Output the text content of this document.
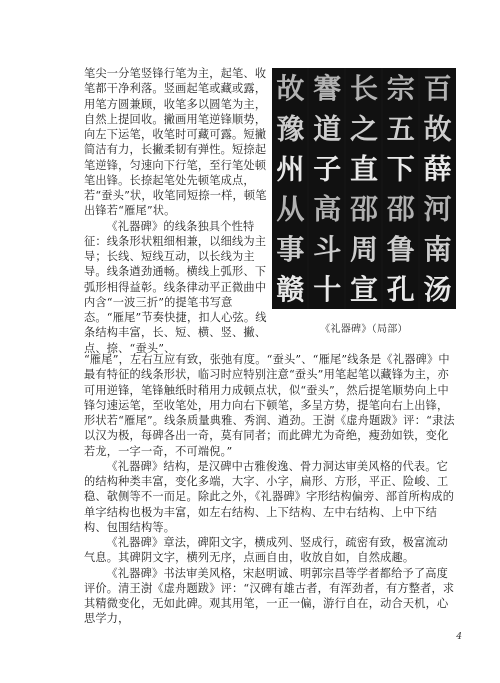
笔尖一分笔竖锋行笔为主，起笔、收笔都干净利落。竖画起笔或藏或露，用笔方圆兼顾，收笔多以圆笔为主，自然上提回收。撇画用笔逆锋顺势，向左下运笔，收笔时可藏可露。短撇简洁有力，长撇柔韧有弹性。短捺起笔逆锋，匀速向下行笔，至行笔处顿笔出锋。长捺起笔处先顿笔成点，若“蚕头”状，收笔同短捺一样，顿笔出锋若“雁尾”状。

《礼器碑》的线条独具个性特征：线条形状粗细相兼，以细线为主导；长线、短线互动，以长线为主导。线条遒劲通畅。横线上弧形、下弧形相得益彰。线条律动平正微曲中内含“一波三折”的提笔书写意态。“雁尾”节奏快捷，扣人心弦。线条结构丰富，长、短、横、竖、撇、点、捺、“蚕头”、

百
故
薛
河
南
汤
宗
五
下
邵
鲁
孔
长
之
直
邵
周
宣
謇
道
子
高
斗
十
故
豫
州
从
事
赣
《礼器碑》（局部）

“雁尾”，左右互应有致，张弛有度。“蚕头”、“雁尾”线条是《礼器碑》中最有特征的线条形状，临习时应特别注意“蚕头”用笔起笔以藏锋为主，亦可用逆锋，笔锋触纸时稍用力成顿点状，似“蚕头”，然后提笔顺势向上中锋匀速运笔，至收笔处，用力向右下顿笔，多呈方势，提笔向右上出锋，形状若“雁尾”。线条质量典雅、秀润、遒劲。王澍《虚舟题跋》评：“隶法以汉为极，每碑各出一奇，莫有同者；而此碑尤为奇绝，瘦劲如铁，变化若龙，一字一奇，不可端倪。”

《礼器碑》结构，是汉碑中古雅俊逸、骨力洞达审美风格的代表。它的结构种类丰富，变化多端，大字、小字，扁形、方形，平正、险峻、工稳、欹侧等不一而足。除此之外，《礼器碑》字形结构偏旁、部首所构成的单字结构也极为丰富，如左右结构、上下结构、左中右结构、上中下结构、包围结构等。

《礼器碑》章法，碑阳文字，横成列、竖成行，疏密有致，极富流动气息。其碑阴文字，横列无序，点画自由，收放自如，自然成趣。

《礼器碑》书法审美风格，宋赵明诚、明郭宗昌等学者都给予了高度评价。清王澍《虚舟题跋》评：“汉碑有雄古者，有浑劲者，有方整者，求其精微变化，无如此碑。观其用笔，一正一偏，游行自在，动合天机，心思学力，

4
